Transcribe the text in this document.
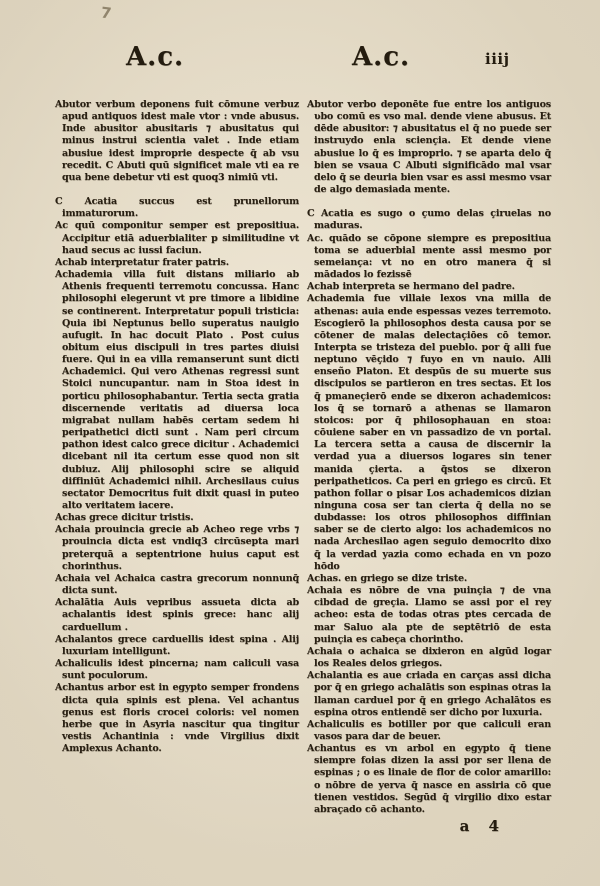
7
A.c.	A.c.	iiij

Abutor verbum deponens fuit cōmune verbuz apud antiquos idest male vtor : vnde abusus. Inde abusitor abusitaris ⁊ abusitatus qui minus instrui scientia valet . Inde etiam abusiue idest improprie despecte q̄ ab vsu recedit. C Abuti quū significet male vti ea re qua bene debetur vti est quoq3 nimiū vti.

C Acatia succus est prunellorum immaturorum.

Ac quū componitur semper est prepositiua. Accipitur etiā aduerbialiter p similitudine vt haud secus ac iussi faciun.

Achab interpretatur frater patris.

Achademia villa fuit distans miliario ab Athenis frequenti terremotu concussa. Hanc philosophi elegerunt vt pre timore a libidine se continerent. Interpretatur populi tristicia: Quia ibi Neptunus bello superatus nauigio aufugit. In hac docuit Plato . Post cuius obitum eius discipuli in tres partes diuisi fuere. Qui in ea villa remanserunt sunt dicti Achademici. Qui vero Athenas regressi sunt Stoici nuncupantur. nam in Stoa idest in porticu philosophabantur. Tertia secta gratia discernende veritatis ad diuersa loca migrabat nullam habēs certam sedem hi peripathetici dicti sunt . Nam peri circum pathon idest calco grece dicitur . Achademici dicebant nil ita certum esse quod non sit dubiuz. Alij philosophi scire se aliquid diffiniūt Achademici nihil. Archesilaus cuius sectator Democritus fuit dixit quasi in puteo alto veritatem iacere.

Achas grece dicitur tristis.

Achaia prouincia grecie ab Acheo rege vrbs ⁊ prouincia dicta est vndiq3 circūsepta mari preterquā a septentrione huius caput est chorinthus.

Achaia vel Achaica castra grecorum nonnunq̄ dicta sunt.

Achalātia Auis vepribus assueta dicta ab achalantis idest spinis grece: hanc alij carduellum .

Achalantos grece carduellis idest spina . Alij luxuriam intelligunt.

Achaliculis idest pincerna; nam caliculi vasa sunt poculorum.

Achantus arbor est in egypto semper frondens dicta quia spinis est plena. Vel achantus genus est floris crocei coloris: vel nomen herbe que in Asyria nascitur qua tingitur vestis Achantinia : vnde Virgilius dixit Amplexus Achanto.

Abutor verbo deponēte fue entre los antiguos ʋbo comū es vso mal. dende viene abusus. Et dēde abusitor: ⁊ abusitatus el q̄ no puede ser instruydo enla sciençia. Et dende viene abusiue lo q̄ es improprio. ⁊ se aparta delo q̄ bien se vsaua C Albuti significādo mal vsar delo q̄ se deuria bien vsar es assi mesmo vsar de algo demasiada mente.

C Acatia es sugo o çumo delas çiruelas no maduras.

Ac. quādo se cōpone siempre es prepositiua toma se aduerbial mente assi mesmo por semeiança: vt no en otro manera q̄ si mādados lo fezissē

Achab interpreta se hermano del padre.

Achademia fue villaie lexos vna milla de athenas: auia ende espessas vezes terremoto. Escogierō la philosophos desta causa por se cōtener de malas delectaçiōes cō temor. Interpta se tristeza del pueblo. por q̄ alli fue neptuno vēçido ⁊ fuyo en vn nauio. Alli enseño Platon. Et despūs de su muerte sus discipulos se partieron en tres sectas. Et los q̄ pmaneçierō ende se dixeron achademicos: los q̄ se tornarō a athenas se llamaron stoicos: por q̄ philosophauan en stoa: cōuiene saber en vn passadizo de vn portal. La tercera setta a causa de discernir la verdad yua a diuersos logares sin tener manida çierta. a q̄stos se dixeron peripatheticos. Ca peri en griego es circū. Et pathon follar o pisar Los achademicos dizian ninguna cosa ser tan cierta q̄ della no se dubdasse: los otros philosophos diffinian saber se de cierto algo: los achademicos no nada Archesilao agen seguio democrito dixo q̄ la verdad yazia como echada en vn pozo hōdo

Achas. en griego se dize triste.

Achaia es nōbre de vna puinçia ⁊ de vna cibdad de greçia. Llamo se assi por el rey acheo: esta de todas otras ptes cercada de mar Saluo ala pte de septētriō de esta puinçia es cabeça chorintho.

Achaia o achaica se dixieron en algūd logar los Reales delos griegos.

Achalantia es aue criada en carças assi dicha por q̄ en griego achalātis son espinas otras la llaman carduel por q̄ en griego Achalātos es espina otros entiendē ser dicho por luxuria.

Achaliculis es botiller por que caliculi eran vasos para dar de beuer.

Achantus es vn arbol en egypto q̄ tiene siempre foias dizen la assi por ser llena de espinas ; o es linaie de flor de color amarillo: o nōbre de yerva q̄ nasce en assiria cō que tienen vestidos. Segūd q̄ virgilio dixo estar abraçado cō achanto.

a 4
